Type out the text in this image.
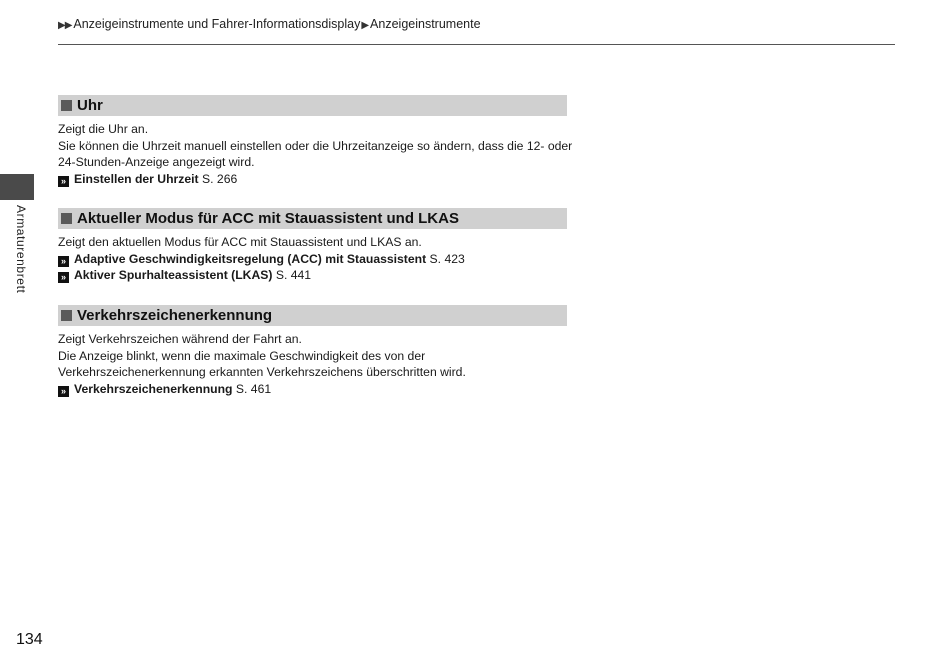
▶▶ Anzeigeinstrumente und Fahrer-Informationsdisplay▶ Anzeigeinstrumente
Armaturenbrett
Uhr

Zeigt die Uhr an.

Sie können die Uhrzeit manuell einstellen oder die Uhrzeitanzeige so ändern, dass die 12- oder

24-Stunden-Anzeige angezeigt wird.

» Einstellen der Uhrzeit S. 266

Aktueller Modus für ACC mit Stauassistent und LKAS

Zeigt den aktuellen Modus für ACC mit Stauassistent und LKAS an.

» Adaptive Geschwindigkeitsregelung (ACC) mit Stauassistent S. 423

» Aktiver Spurhalteassistent (LKAS) S. 441

Verkehrszeichenerkennung

Zeigt Verkehrszeichen während der Fahrt an.

Die Anzeige blinkt, wenn die maximale Geschwindigkeit des von der

Verkehrszeichenerkennung erkannten Verkehrszeichens überschritten wird.

» Verkehrszeichenerkennung S. 461

134
